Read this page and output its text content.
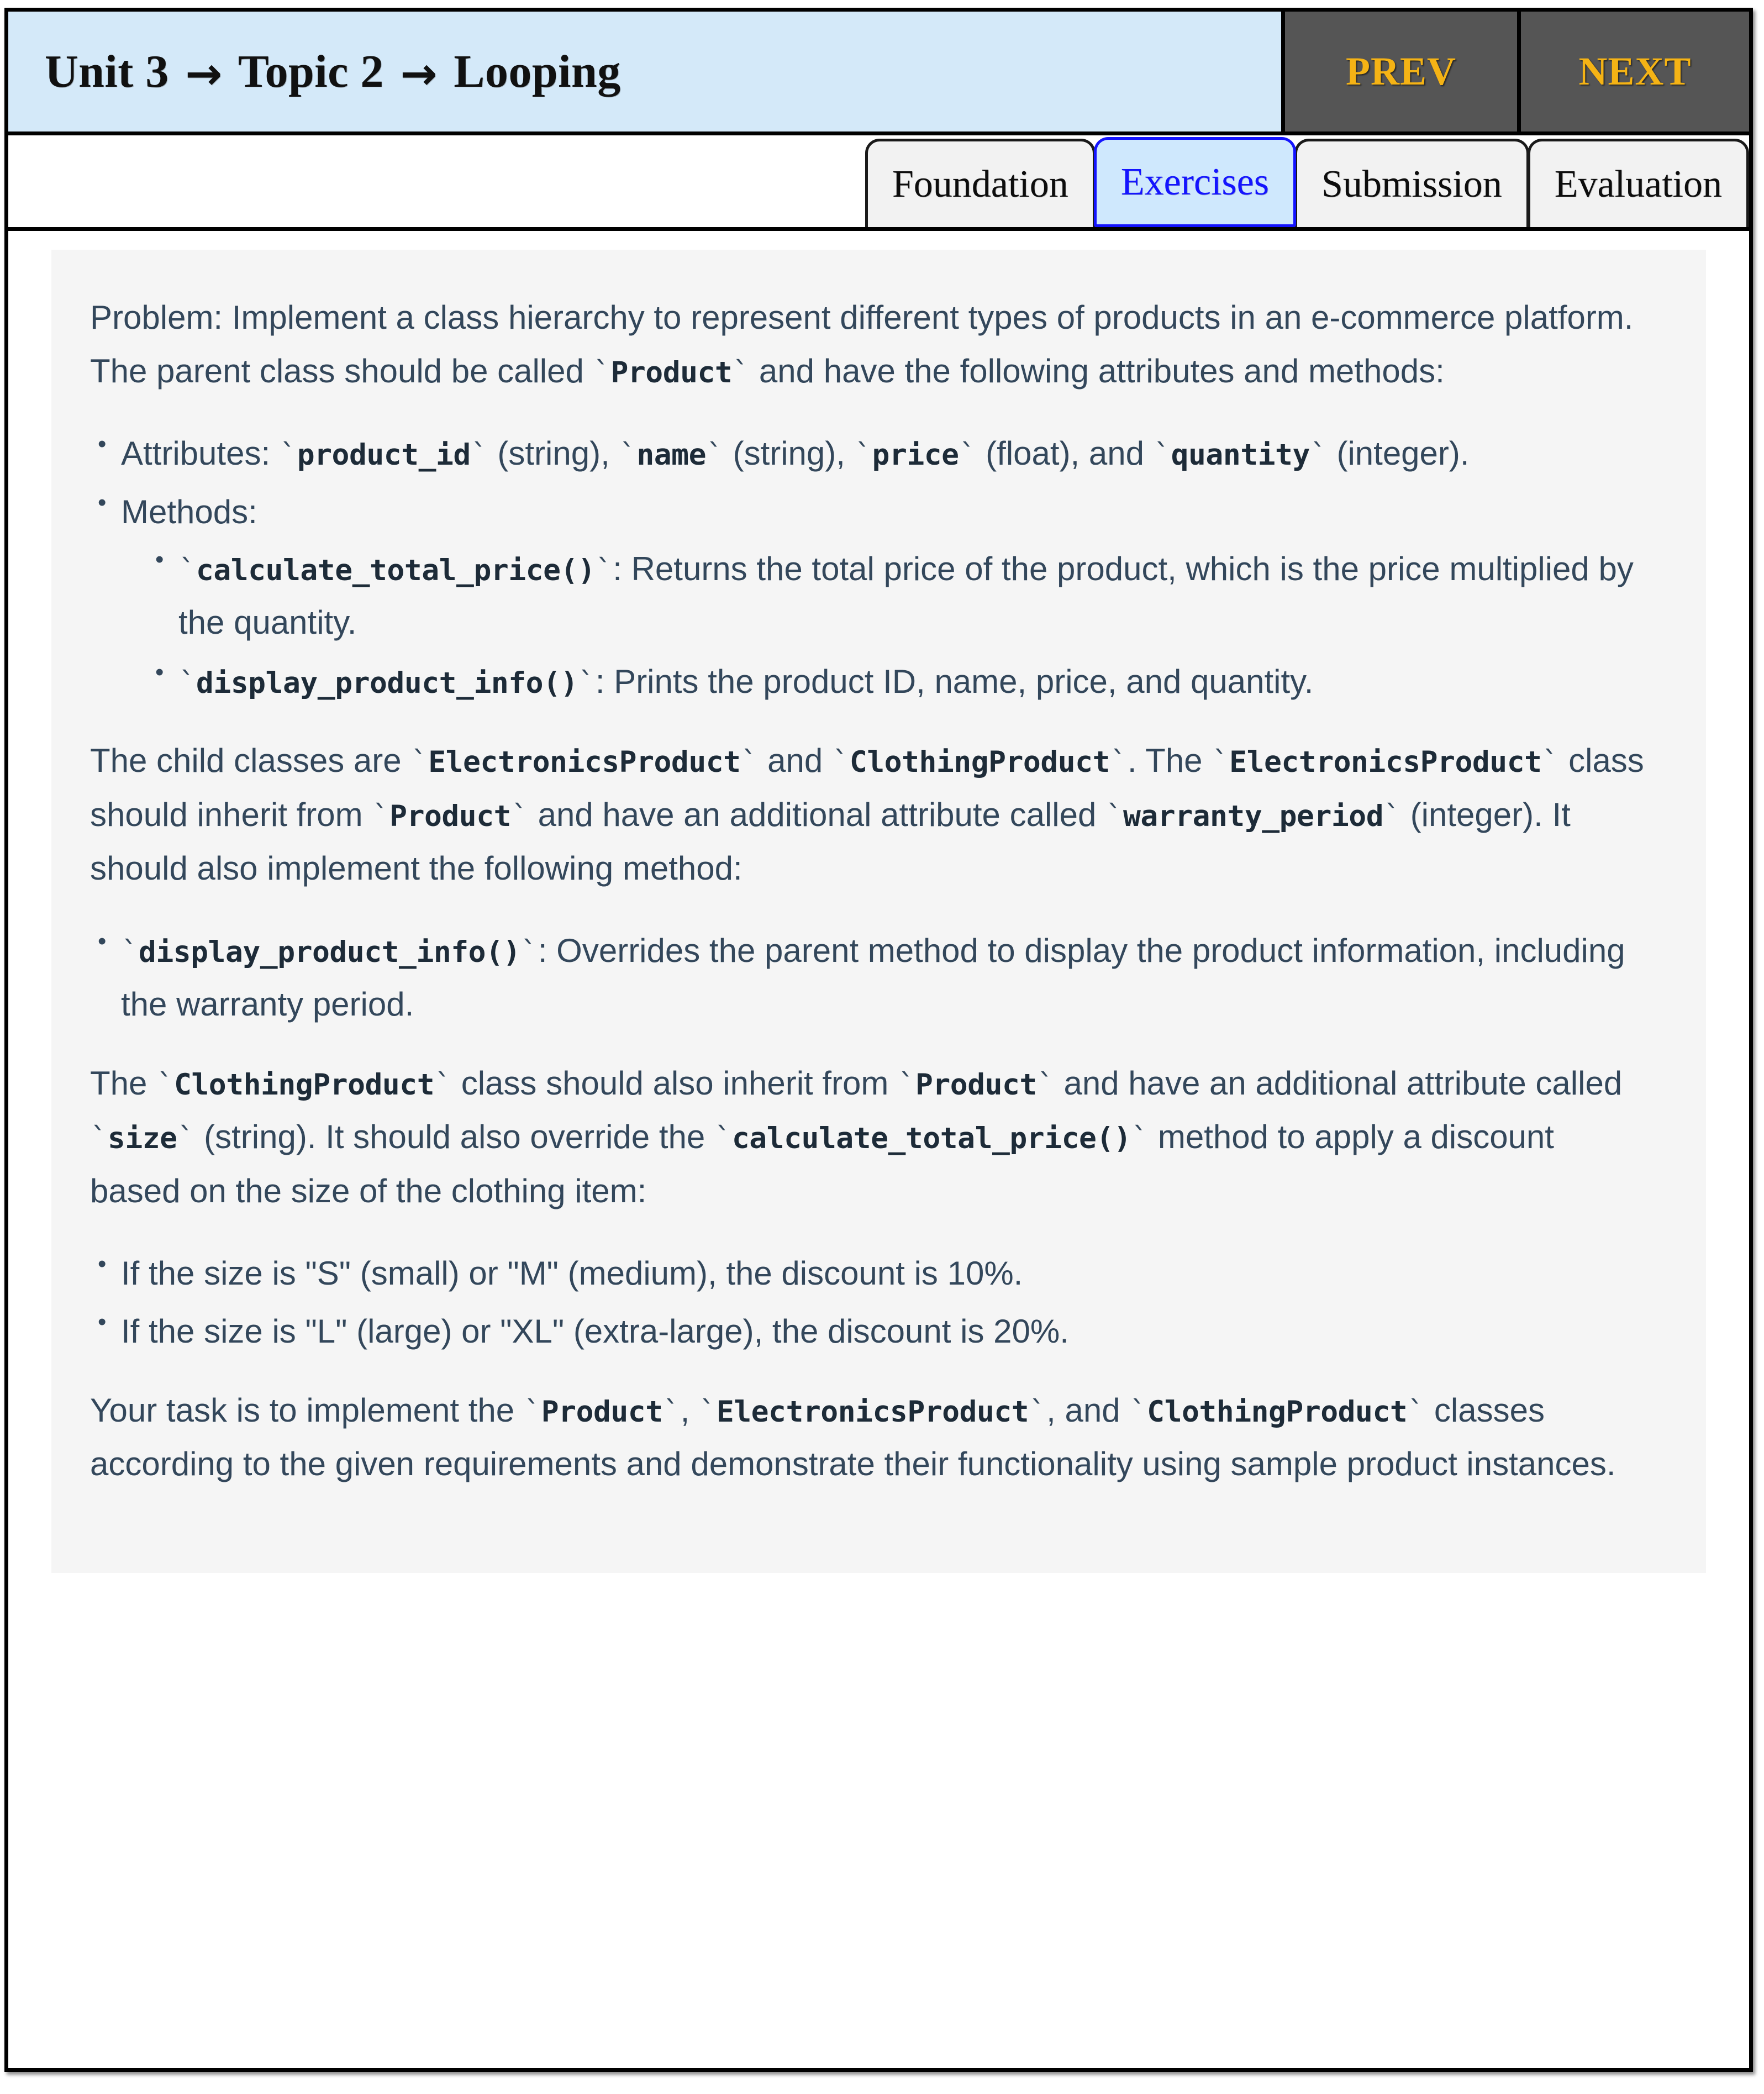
Unit 3 → Topic 2 → Looping	PREV	NEXT
Foundation Exercises Submission Evaluation

Problem: Implement a class hierarchy to represent different types of products in an e-commerce platform. The parent class should be called `Product` and have the following attributes and methods:

• Attributes: `product_id` (string), `name` (string), `price` (float), and `quantity` (integer).
• Methods:
• `calculate_total_price()`: Returns the total price of the product, which is the price multiplied by the quantity.
• `display_product_info()`: Prints the product ID, name, price, and quantity.

The child classes are `ElectronicsProduct` and `ClothingProduct`. The `ElectronicsProduct` class should inherit from `Product` and have an additional attribute called `warranty_period` (integer). It should also implement the following method:

• `display_product_info()`: Overrides the parent method to display the product information, including the warranty period.

The `ClothingProduct` class should also inherit from `Product` and have an additional attribute called `size` (string). It should also override the `calculate_total_price()` method to apply a discount based on the size of the clothing item:

• If the size is "S" (small) or "M" (medium), the discount is 10%.
• If the size is "L" (large) or "XL" (extra-large), the discount is 20%.

Your task is to implement the `Product`, `ElectronicsProduct`, and `ClothingProduct` classes according to the given requirements and demonstrate their functionality using sample product instances.
